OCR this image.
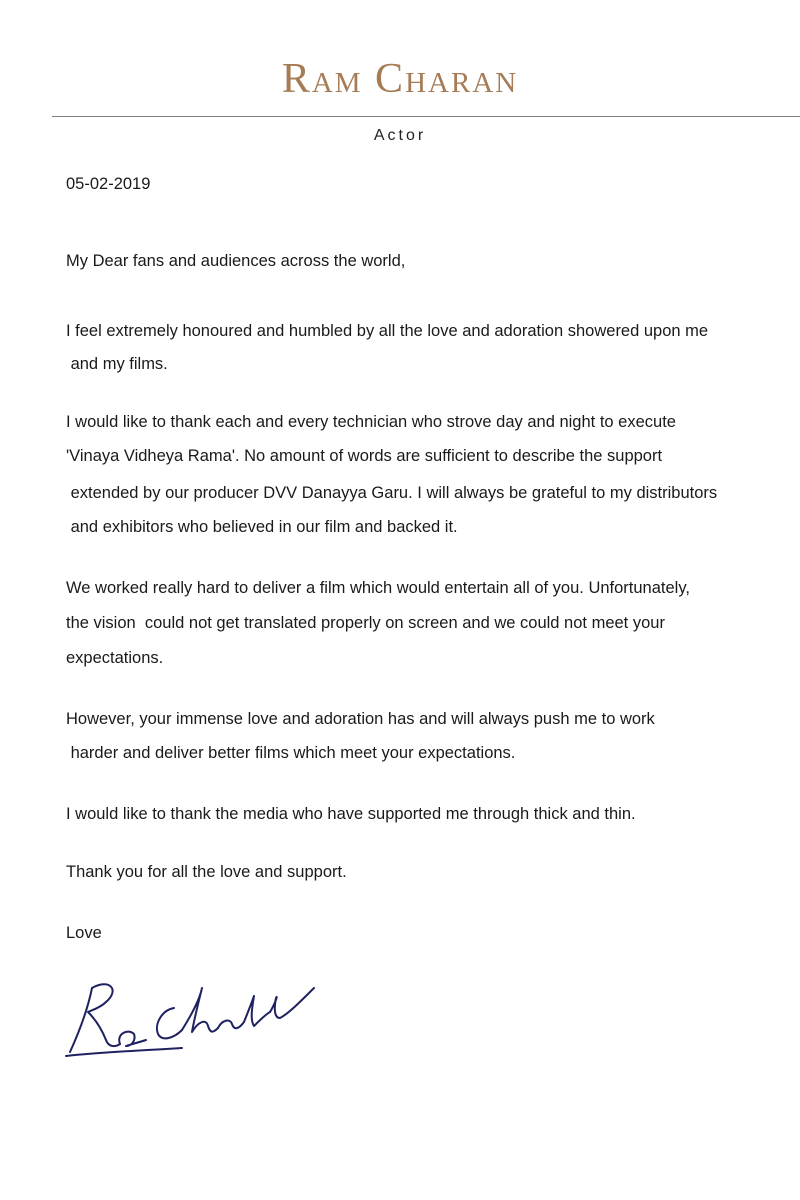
Ram Charan
Actor
05-02-2019
My Dear fans and audiences across the world,
I feel extremely honoured and humbled by all the love and adoration showered upon me
and my films.
I would like to thank each and every technician who strove day and night to execute
'Vinaya Vidheya Rama'. No amount of words are sufficient to describe the support
extended by our producer DVV Danayya Garu. I will always be grateful to my distributors
and exhibitors who believed in our film and backed it.
We worked really hard to deliver a film which would entertain all of you. Unfortunately,
the vision  could not get translated properly on screen and we could not meet your
expectations.
However, your immense love and adoration has and will always push me to work
harder and deliver better films which meet your expectations.
I would like to thank the media who have supported me through thick and thin.
Thank you for all the love and support.
Love
